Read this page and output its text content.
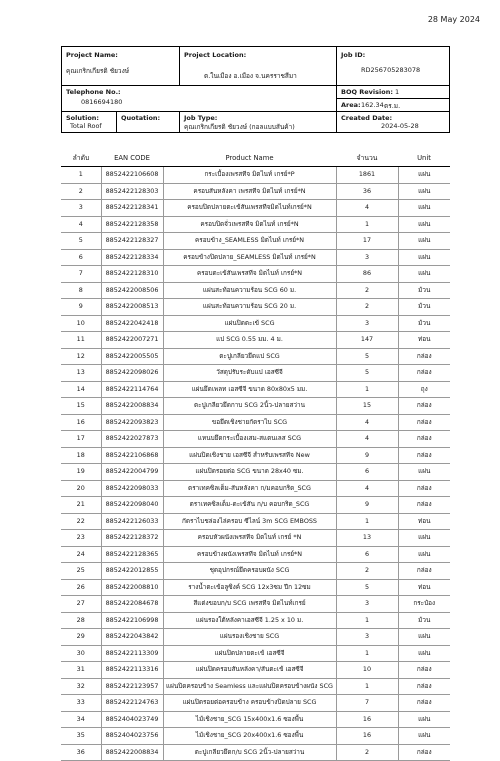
28 May 2024
Project Name:
คุณเกริกเกียรติ ชัยวงษ์
Project Location:
ต.ในเมือง อ.เมือง จ.นครราชสีมา
Job ID:
RD256705283078
Telephone No.:
0816694180
BOQ Revision: 1
Area: 162.34 ตร.ม.
Solution:
Total Roof
Quotation:	Job Type:
คุณเกริกเกียรติ ชัยวงษ์ (กอลแบบสันค้า)
Created Date:
2024-05-28
ลำดับ	EAN CODE	Product Name	จำนวน	Unit
1	8852422106608	กระเบื้องเพรสทีจ มิตไนท์ เกรย์*P	1861	แผ่น
2	8852422128303	ครอบสันหลังคา เพรสทีจ มิตไนท์ เกรย์*N	36	แผ่น
3	8852422128341	ครอบปิดปลายตะเข้สันเพรสทีจมิดไนท์เกรย์*N	4	แผ่น
4	8852422128358	ครอบปิดจั่วเพรสทีจ มิตไนท์ เกรย์*N	1	แผ่น
5	8852422128327	ครอบข้าง_SEAMLESS มิตไนท์ เกรย์*N	17	แผ่น
6	8852422128334	ครอบข้างปิดปลาย_SEAMLESS มิตไนท์ เกรย์*N	3	แผ่น
7	8852422128310	ครอบตะเข้สันเพรสทีจ มิตไนท์ เกรย์*N	86	แผ่น
8	8852422008506	แผ่นสะท้อนความร้อน SCG 60 ม.	2	ม้วน
9	8852422008513	แผ่นสะท้อนความร้อน SCG 20 ม.	2	ม้วน
10	8852422042418	แผ่นปิดตะเข้ SCG	3	ม้วน
11	8852422007271	แป SCG 0.55 มม. 4 ม.	147	ท่อน
12	8852422005505	ตะปูเกลียวยึดแป SCG	5	กล่อง
13	8852422098026	วัสดุปรับระดับแป เอสซีจี	5	กล่อง
14	8852422114764	แผ่นยึดเพลท เอสซีจี ขนาด 80x80x5 มม.	1	ถุง
15	8852422008834	ตะปูเกลียวยึดกาบ SCG 2นิ้ว-ปลายสว่าน	15	กล่อง
16	8852422093823	ขอยึดเชิงชายกัดราไบ SCG	4	กล่อง
17	8852422027873	แหนบยึดกระเบื้องเสม-สแตนเลส SCG	4	กล่อง
18	8852422106868	แผ่นปิดเชิงชาย เอสซีจี สำหรับเพรสทีจ New	9	กล่อง
19	8852422004799	แผ่นปิดรอยต่อ SCG ขนาด 28x40 ซม.	6	แผ่น
20	8852422098033	ตราเทคซิลเต็ม-สันหลังคา ก/มคอบกริด_SCG	4	กล่อง
21	8852422098040	ตราเทคซิลเต็ม-ตะเข้สัน ก/บ คอบกริด_SCG	9	กล่อง
22	8852422126033	กัดราไบชล่องไล่ครอบ ซีไลน์ 3m SCG EMBOSS	1	ท่อน
23	8852422128372	ครอบหัวผนังเพรสทีจ มิตไนท์ เกรย์ *N	13	แผ่น
24	8852422128365	ครอบข้างผนังเพรสทีจ มิตไนท์ เกรย์*N	6	แผ่น
25	8852422012855	ชุดอุปกรณ์ยึดครอบผนัง SCG	2	กล่อง
26	8852422008810	รางน้ำตะเข้อลูซิงค์ SCG 12x3ซม ปีก 12ซม	5	ท่อน
27	8852422084678	สีแต่งขอบก/บ SCG เพรสทีจ มิดไนท์เกรย์	3	กระป๋อง
28	8852422106998	แผ่นรองใต้หลังคาเอสซีจี 1.25 x 10 ม.	1	ม้วน
29	8852422043842	แผ่นรองเชิงชาย SCG	3	แผ่น
30	8852422113309	แผ่นปิดปลายตะเข้ เอสซีจี	1	แผ่น
31	8852422113316	แผ่นปิดครอบสันหลังคา/สันตะเข้ เอสซีจี	10	กล่อง
32	8852422123957	แผ่นปิดครอบข้าง Seamless และแผ่นปิดครอบข้างผนัง SCG	1	กล่อง
33	8852422124763	แผ่นปิดรอยต่อครอบข้าง ครอบข้างปิดปลาย SCG	7	กล่อง
34	8852404023749	ไม้เชิงชาย_SCG 15x400x1.6 ซองพื้น	16	แผ่น
35	8852404023756	ไม้เชิงชาย_SCG 20x400x1.6 ซองพื้น	16	แผ่น
36	8852422008834	ตะปูเกลียวยึดก/บ SCG 2นิ้ว-ปลายสว่าน	2	กล่อง
